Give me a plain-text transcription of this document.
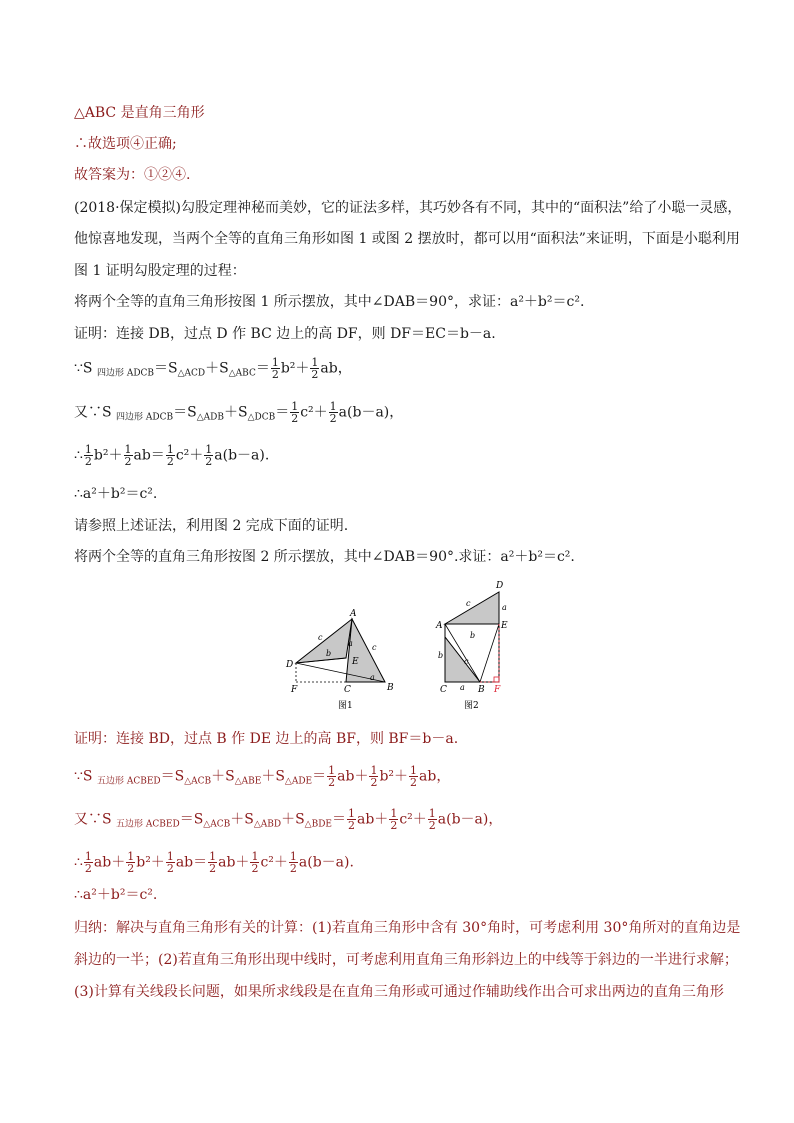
△ABC 是直角三角形
∴故选项④正确;
故答案为：①②④.
(2018·保定模拟)勾股定理神秘而美妙，它的证法多样，其巧妙各有不同，其中的“面积法”给了小聪一灵感，
他惊喜地发现，当两个全等的直角三角形如图 1 或图 2 摆放时，都可以用“面积法”来证明，下面是小聪利用
图 1 证明勾股定理的过程：
将两个全等的直角三角形按图 1 所示摆放，其中∠DAB＝90°，求证：a²＋b²＝c².
证明：连接 DB，过点 D 作 BC 边上的高 DF，则 DF＝EC＝b－a.
∵S $_{四边形 ADCB}=S_{\triangle ACD}+S_{\triangle ABC}= \frac{1}{2} b^2+ \frac{1}{2}$ ab，
又∵S $_{四边形 ADCB}=S_{\triangle ADB}+S_{\triangle DCB}= \frac{1}{2} c^2+ \frac{1}{2} a(b-a)$，
∴ $\frac{1}{2} b^2+ \frac{1}{2} ab= \frac{1}{2} c^2+ \frac{1}{2} a(b-a)$.
∴a²＋b²＝c².
请参照上述证法，利用图 2 完成下面的证明.
将两个全等的直角三角形按图 2 所示摆放，其中∠DAB＝90°.求证：a²＋b²＝c².
A
B
C
D	E
F
a
b
c
c
a
图1
D
A
B
C
E
F
a
b
c
c
b
a
图2
证明：连接 BD，过点 B 作 DE 边上的高 BF，则 BF＝b－a.
∵S $_{五边形 ACBED}=S_{\triangle ACB}+S_{\triangle ABE}+S_{\triangle ADE}= \frac{1}{2} ab+ \frac{1}{2} b^2+ \frac{1}{2}$ ab，
又∵S $_{五边形 ACBED}=S_{\triangle ACB}+S_{\triangle ABD}+S_{\triangle BDE}= \frac{1}{2} ab+ \frac{1}{2} c^2+ \frac{1}{2} a(b-a)$，
∴ $\frac{1}{2} ab+ \frac{1}{2} b^2+ \frac{1}{2} ab= \frac{1}{2} ab+ \frac{1}{2} c^2+ \frac{1}{2} a(b-a)$.
∴a²＋b²＝c².
归纳：解决与直角三角形有关的计算：(1)若直角三角形中含有 30°角时，可考虑利用 30°角所对的直角边是
斜边的一半；(2)若直角三角形出现中线时，可考虑利用直角三角形斜边上的中线等于斜边的一半进行求解；
(3)计算有关线段长问题，如果所求线段是在直角三角形或可通过作辅助线作出合可求出两边的直角三角形
